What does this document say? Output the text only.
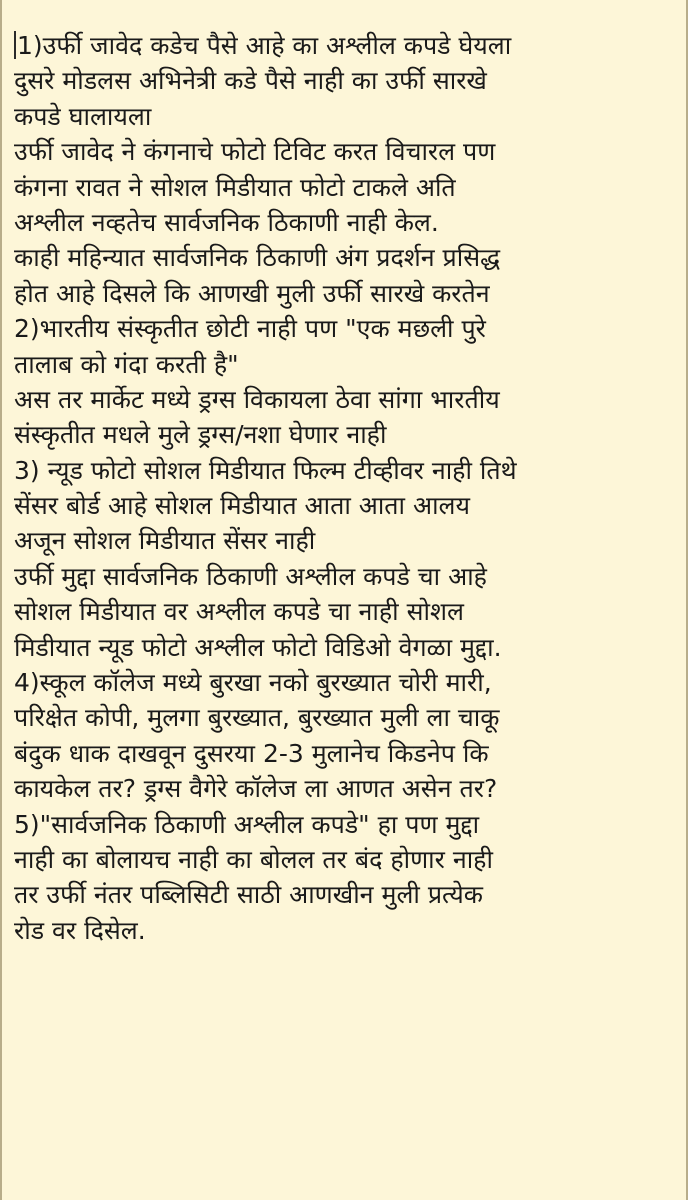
1)उर्फी जावेद कडेच पैसे आहे का अश्लील कपडे घेयला
दुसरे मोडलस अभिनेत्री कडे पैसे नाही का उर्फी सारखे
कपडे घालायला
उर्फी जावेद ने कंगनाचे फोटो टिविट करत विचारल पण
कंगना रावत ने सोशल मिडीयात फोटो टाकले अति
अश्लील नव्हतेच सार्वजनिक ठिकाणी नाही केल.
काही महिन्यात सार्वजनिक ठिकाणी अंग प्रदर्शन प्रसिद्ध
होत आहे दिसले कि आणखी मुली उर्फी सारखे करतेन
2)भारतीय संस्कृतीत छोटी नाही पण "एक मछली पुरे
तालाब को गंदा करती है"
अस तर मार्केट मध्ये ड्रग्स विकायला ठेवा सांगा भारतीय
संस्कृतीत मधले मुले ड्रग्स/नशा घेणार नाही
3) न्यूड फोटो सोशल मिडीयात फिल्म टीव्हीवर नाही तिथे
सेंसर बोर्ड आहे सोशल मिडीयात आता आता आलय
अजून सोशल मिडीयात सेंसर नाही
उर्फी मुद्दा सार्वजनिक ठिकाणी अश्लील कपडे चा आहे
सोशल मिडीयात वर अश्लील कपडे चा नाही सोशल
मिडीयात न्यूड फोटो अश्लील फोटो विडिओ वेगळा मुद्दा.
4)स्कूल कॉलेज मध्ये बुरखा नको बुरख्यात चोरी मारी,
परिक्षेत कोपी, मुलगा बुरख्यात, बुरख्यात मुली ला चाकू
बंदुक धाक दाखवून दुसरया 2-3 मुलानेच किडनेप कि
कायकेल तर? ड्रग्स वैगेरे कॉलेज ला आणत असेन तर?
5)"सार्वजनिक ठिकाणी अश्लील कपडे" हा पण मुद्दा
नाही का बोलायच नाही का बोलल तर बंद होणार नाही
तर उर्फी नंतर पब्लिसिटी साठी आणखीन मुली प्रत्येक
रोड वर दिसेल.
